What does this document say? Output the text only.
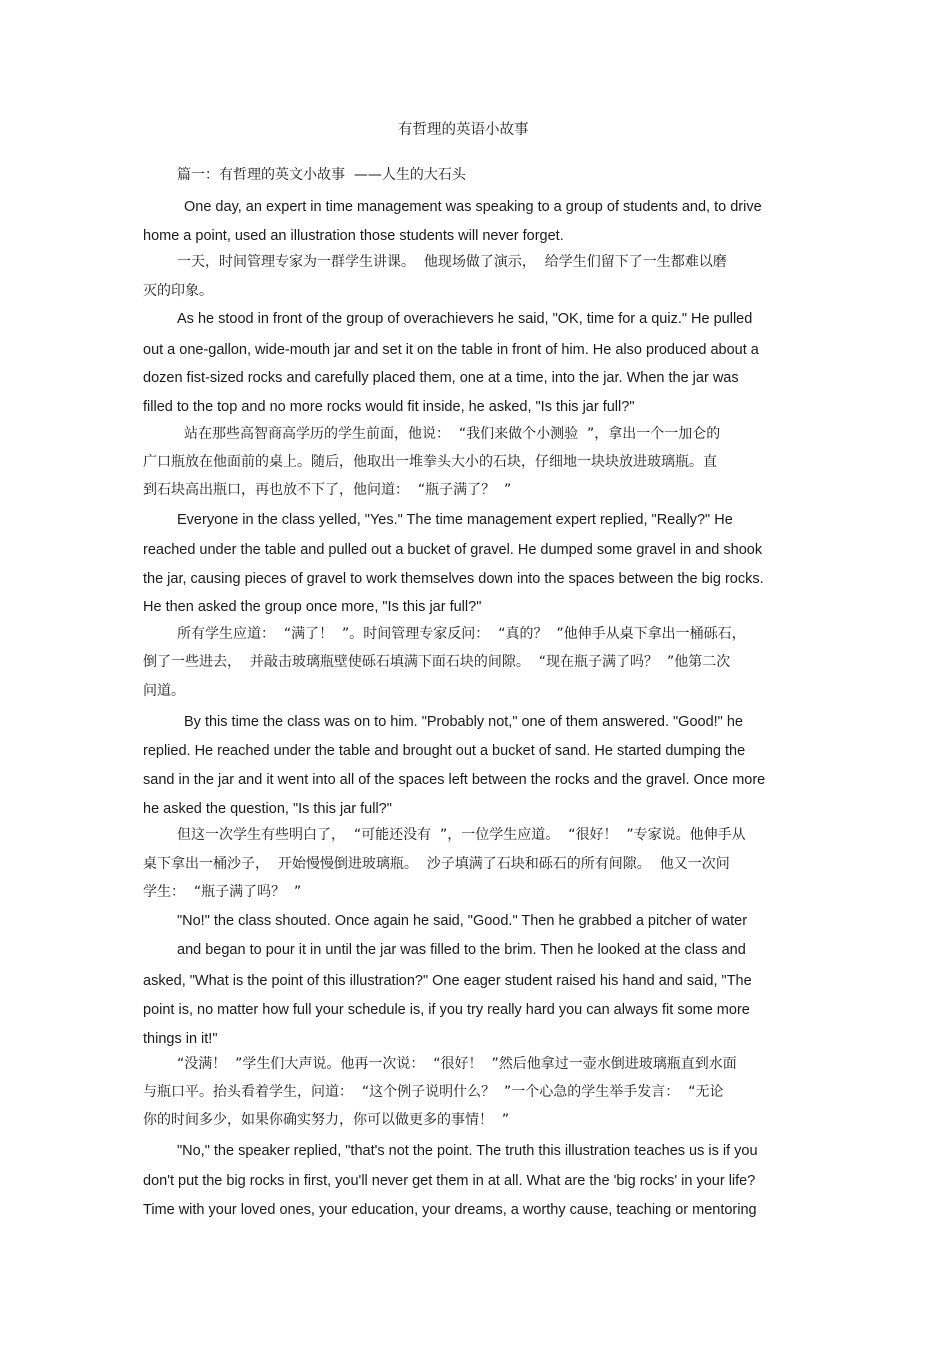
有哲理的英语小故事
篇一：有哲理的英文小故事  ——人生的大石头
One day, an expert in time management was speaking to a group of students and, to drive
home a point, used an illustration those students will never forget.
一天，时间管理专家为一群学生讲课。  他现场做了演示，  给学生们留下了一生都难以磨
灭的印象。
As he stood in front of the group of overachievers he said, "OK, time for a quiz." He pulled
out a one-gallon, wide-mouth jar and set it on the table in front of him. He also produced about a
dozen fist-sized rocks and carefully placed them, one at a time, into the jar. When the jar was
filled to the top and no more rocks would fit inside, he asked, "Is this jar full?"
站在那些高智商高学历的学生前面，他说：  “我们来做个小测验  ”，拿出一个一加仑的
广口瓶放在他面前的桌上。随后，他取出一堆拳头大小的石块，仔细地一块块放进玻璃瓶。直
到石块高出瓶口，再也放不下了，他问道：  “瓶子满了？  ”
Everyone in the class yelled, "Yes." The time management expert replied, "Really?" He
reached under the table and pulled out a bucket of gravel. He dumped some gravel in and shook
the jar, causing pieces of gravel to work themselves down into the spaces between the big rocks.
He then asked the group once more, "Is this jar full?"
所有学生应道：  “满了！  ”。时间管理专家反问：  “真的？  ”他伸手从桌下拿出一桶砾石，
倒了一些进去，  并敲击玻璃瓶壁使砾石填满下面石块的间隙。  “现在瓶子满了吗？  ”他第二次
问道。
By this time the class was on to him. "Probably not," one of them answered. "Good!" he
replied. He reached under the table and brought out a bucket of sand. He started dumping the
sand in the jar and it went into all of the spaces left between the rocks and the gravel. Once more
he asked the question, "Is this jar full?"
但这一次学生有些明白了，  “可能还没有  ”，一位学生应道。  “很好！  ”专家说。他伸手从
桌下拿出一桶沙子，  开始慢慢倒进玻璃瓶。  沙子填满了石块和砾石的所有间隙。  他又一次问
学生：  “瓶子满了吗？  ”
"No!" the class shouted. Once again he said, "Good." Then he grabbed a pitcher of water
and began to pour it in until the jar was filled to the brim. Then he looked at the class and
asked, "What is the point of this illustration?" One eager student raised his hand and said, "The
point is, no matter how full your schedule is, if you try really hard you can always fit some more
things in it!"
“没满！  ”学生们大声说。他再一次说：  “很好！  ”然后他拿过一壶水倒进玻璃瓶直到水面
与瓶口平。抬头看着学生，问道：  “这个例子说明什么？  ”一个心急的学生举手发言：  “无论
你的时间多少，如果你确实努力，你可以做更多的事情！  ”
"No," the speaker replied, "that's not the point. The truth this illustration teaches us is if you
don't put the big rocks in first, you'll never get them in at all. What are the 'big rocks' in your life?
Time with your loved ones, your education, your dreams, a worthy cause, teaching or mentoring
